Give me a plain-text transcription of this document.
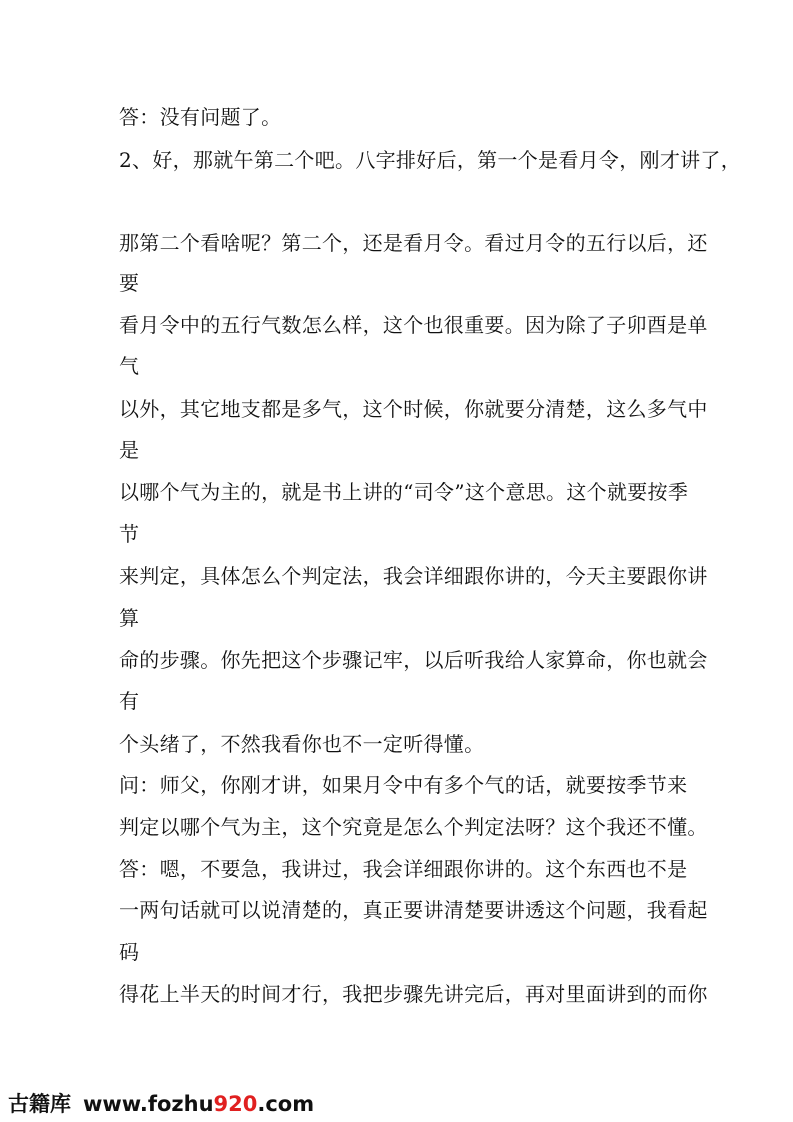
答：没有问题了。
2、好，那就午第二个吧。八字排好后，第一个是看月令，刚才讲了，
那第二个看啥呢？第二个，还是看月令。看过月令的五行以后，还
要
看月令中的五行气数怎么样，这个也很重要。因为除了子卯酉是单
气
以外，其它地支都是多气，这个时候，你就要分清楚，这么多气中
是
以哪个气为主的，就是书上讲的“司令”这个意思。这个就要按季
节
来判定，具体怎么个判定法，我会详细跟你讲的，今天主要跟你讲
算
命的步骤。你先把这个步骤记牢，以后听我给人家算命，你也就会
有
个头绪了，不然我看你也不一定听得懂。
问：师父，你刚才讲，如果月令中有多个气的话，就要按季节来
判定以哪个气为主，这个究竟是怎么个判定法呀？这个我还不懂。
答：嗯，不要急，我讲过，我会详细跟你讲的。这个东西也不是
一两句话就可以说清楚的，真正要讲清楚要讲透这个问题，我看起
码
得花上半天的时间才行，我把步骤先讲完后，再对里面讲到的而你
古籍库 www.fozhu 920 .com
